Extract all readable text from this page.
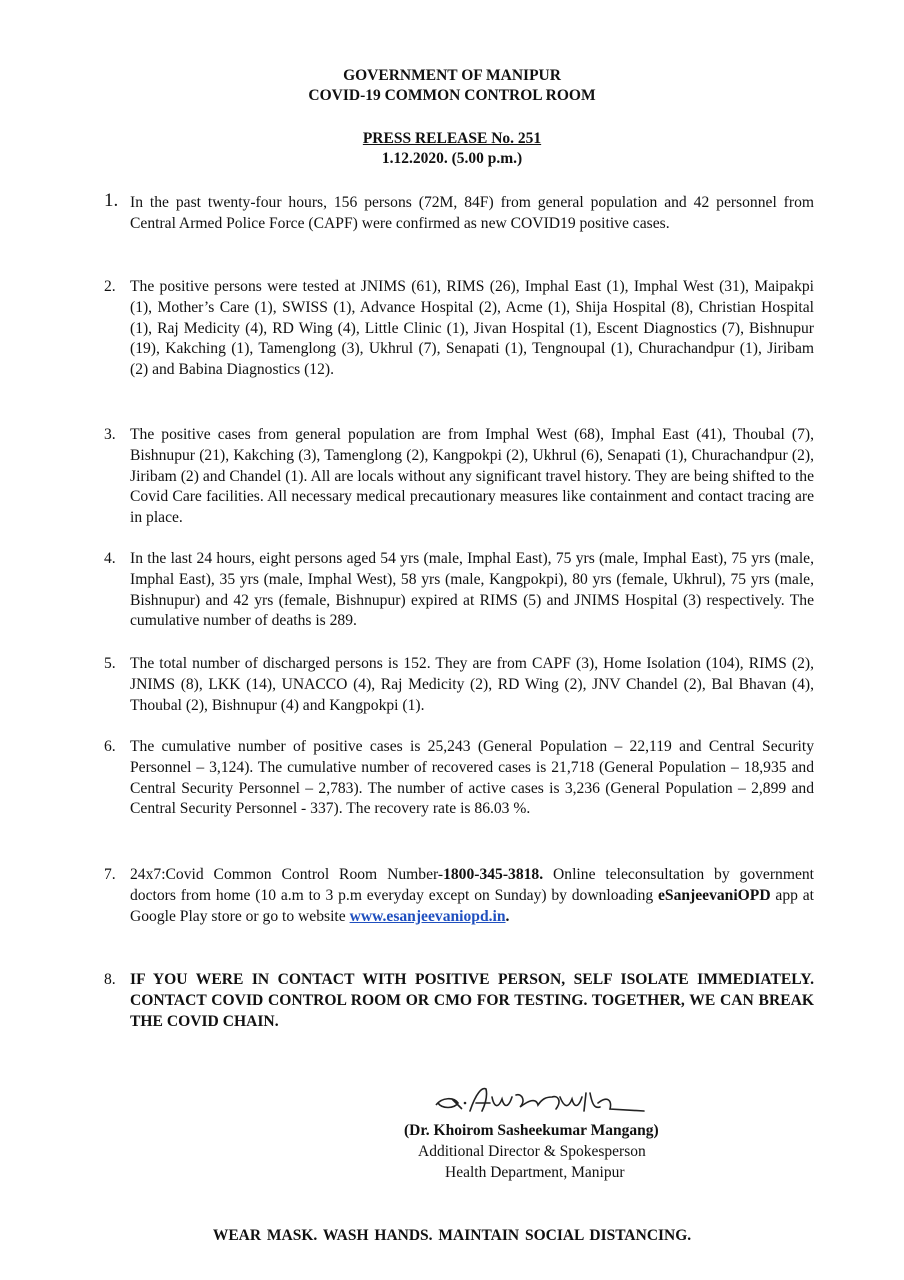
GOVERNMENT OF MANIPUR
COVID-19 COMMON CONTROL ROOM
PRESS RELEASE No. 251
1.12.2020. (5.00 p.m.)
1. In the past twenty-four hours, 156 persons (72M, 84F) from general population and 42 personnel from Central Armed Police Force (CAPF) were confirmed as new COVID19 positive cases.
2. The positive persons were tested at JNIMS (61), RIMS (26), Imphal East (1), Imphal West (31), Maipakpi (1), Mother’s Care (1), SWISS (1), Advance Hospital (2), Acme (1), Shija Hospital (8), Christian Hospital (1), Raj Medicity (4), RD Wing (4), Little Clinic (1), Jivan Hospital (1), Escent Diagnostics (7), Bishnupur (19), Kakching (1), Tamenglong (3), Ukhrul (7), Senapati (1), Tengnoupal (1), Churachandpur (1), Jiribam (2) and Babina Diagnostics (12).
3. The positive cases from general population are from Imphal West (68), Imphal East (41), Thoubal (7), Bishnupur (21), Kakching (3), Tamenglong (2), Kangpokpi (2), Ukhrul (6), Senapati (1), Churachandpur (2), Jiribam (2) and Chandel (1). All are locals without any significant travel history. They are being shifted to the Covid Care facilities. All necessary medical precautionary measures like containment and contact tracing are in place.
4. In the last 24 hours, eight persons aged 54 yrs (male, Imphal East), 75 yrs (male, Imphal East), 75 yrs (male, Imphal East), 35 yrs (male, Imphal West), 58 yrs (male, Kangpokpi), 80 yrs (female, Ukhrul), 75 yrs (male, Bishnupur) and 42 yrs (female, Bishnupur) expired at RIMS (5) and JNIMS Hospital (3) respectively. The cumulative number of deaths is 289.
5. The total number of discharged persons is 152. They are from CAPF (3), Home Isolation (104), RIMS (2), JNIMS (8), LKK (14), UNACCO (4), Raj Medicity (2), RD Wing (2), JNV Chandel (2), Bal Bhavan (4), Thoubal (2), Bishnupur (4) and Kangpokpi (1).
6. The cumulative number of positive cases is 25,243 (General Population – 22,119 and Central Security Personnel – 3,124). The cumulative number of recovered cases is 21,718 (General Population – 18,935 and Central Security Personnel – 2,783). The number of active cases is 3,236 (General Population – 2,899 and Central Security Personnel - 337). The recovery rate is 86.03 %.
7. 24x7:Covid Common Control Room Number-1800-345-3818. Online teleconsultation by government doctors from home (10 a.m to 3 p.m everyday except on Sunday) by downloading eSanjeevaniOPD app at Google Play store or go to website www.esanjeevaniopd.in.
8. IF YOU WERE IN CONTACT WITH POSITIVE PERSON, SELF ISOLATE IMMEDIATELY. CONTACT COVID CONTROL ROOM OR CMO FOR TESTING. TOGETHER, WE CAN BREAK THE COVID CHAIN.
(Dr. Khoirom Sasheekumar Mangang)
Additional Director & Spokesperson
Health Department, Manipur
WEAR MASK. WASH HANDS. MAINTAIN SOCIAL DISTANCING.
